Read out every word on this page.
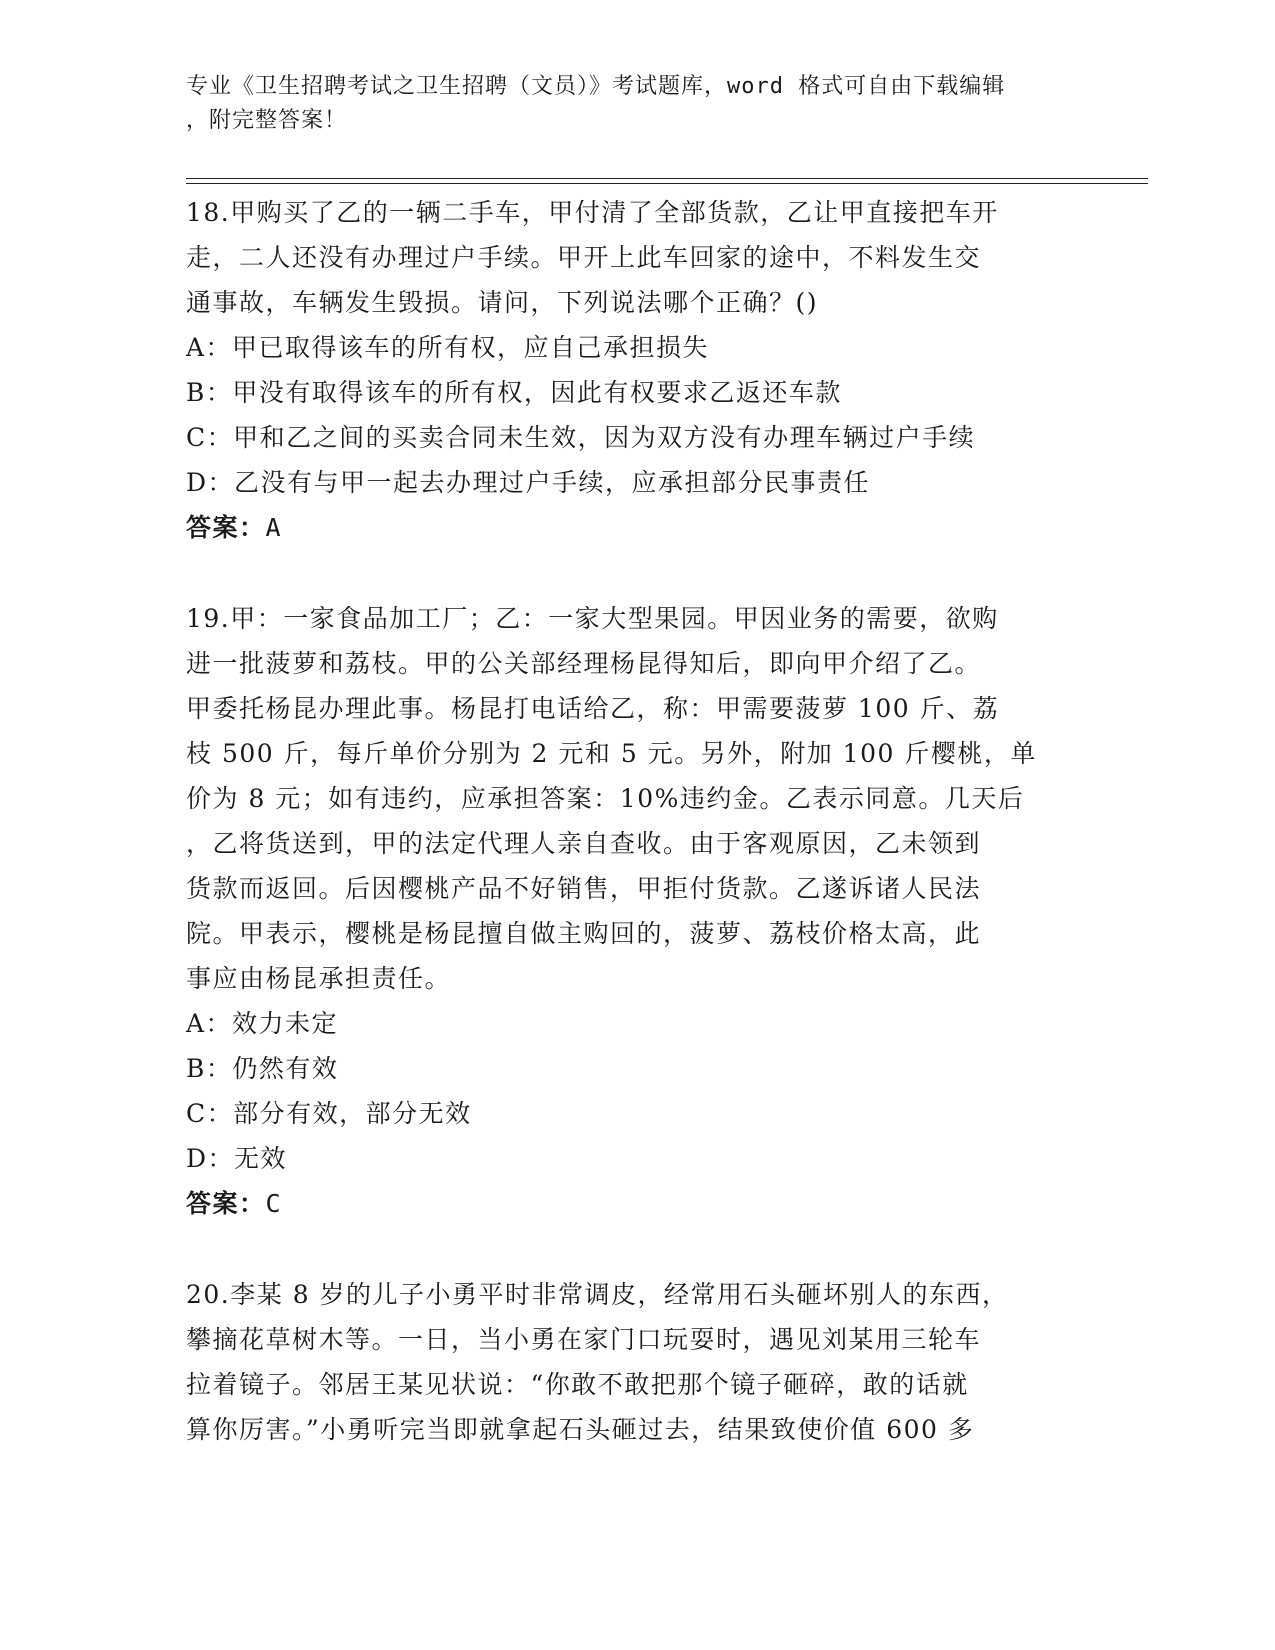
专业《卫生招聘考试之卫生招聘（文员）》考试题库，word 格式可自由下载编辑
，附完整答案！
18.甲购买了乙的一辆二手车，甲付清了全部货款，乙让甲直接把车开
走，二人还没有办理过户手续。甲开上此车回家的途中，不料发生交
通事故，车辆发生毁损。请问，下列说法哪个正确？()
A：甲已取得该车的所有权，应自己承担损失
B：甲没有取得该车的所有权，因此有权要求乙返还车款
C：甲和乙之间的买卖合同未生效，因为双方没有办理车辆过户手续
D：乙没有与甲一起去办理过户手续，应承担部分民事责任
答案：A
19.甲：一家食品加工厂；乙：一家大型果园。甲因业务的需要，欲购
进一批菠萝和荔枝。甲的公关部经理杨昆得知后，即向甲介绍了乙。
甲委托杨昆办理此事。杨昆打电话给乙，称：甲需要菠萝 100 斤、荔
枝 500 斤，每斤单价分别为 2 元和 5 元。另外，附加 100 斤樱桃，单
价为 8 元；如有违约，应承担答案：10%违约金。乙表示同意。几天后
，乙将货送到，甲的法定代理人亲自查收。由于客观原因，乙未领到
货款而返回。后因樱桃产品不好销售，甲拒付货款。乙遂诉诸人民法
院。甲表示，樱桃是杨昆擅自做主购回的，菠萝、荔枝价格太高，此
事应由杨昆承担责任。
A：效力未定
B：仍然有效
C：部分有效，部分无效
D：无效
答案：C
20.李某 8 岁的儿子小勇平时非常调皮，经常用石头砸坏别人的东西，
攀摘花草树木等。一日，当小勇在家门口玩耍时，遇见刘某用三轮车
拉着镜子。邻居王某见状说：“你敢不敢把那个镜子砸碎，敢的话就
算你厉害。”小勇听完当即就拿起石头砸过去，结果致使价值 600 多
